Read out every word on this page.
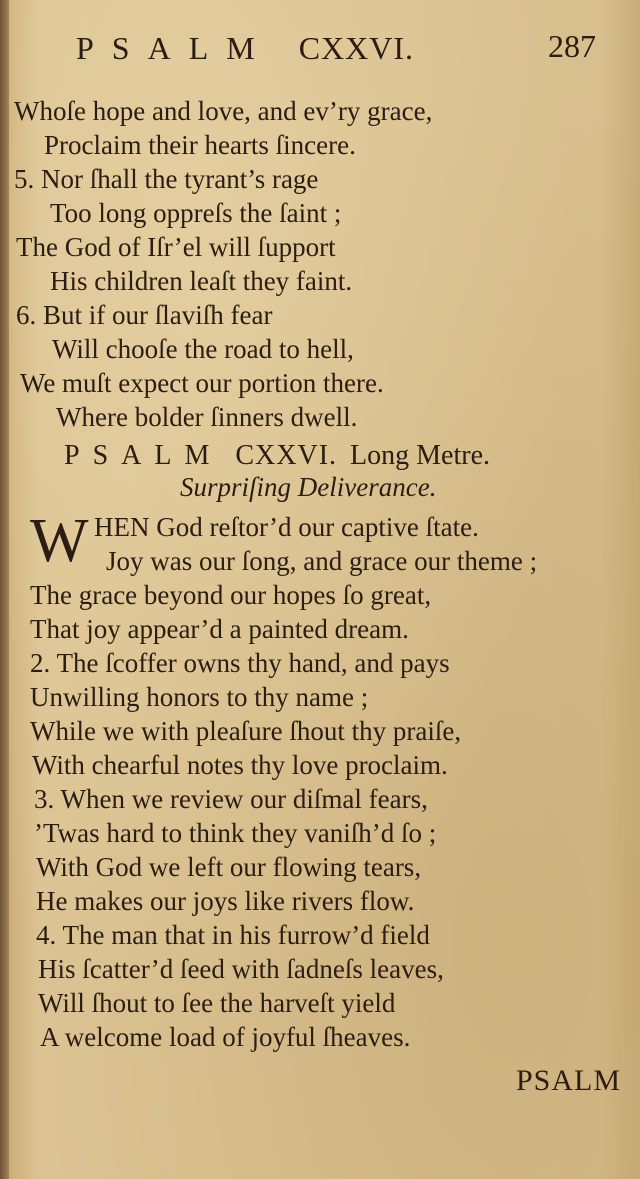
PSALM CXXVI.	287
Whoſe hope and love, and ev’ry grace,
Proclaim their hearts ſincere.
5. Nor ſhall the tyrant’s rage
Too long oppreſs the ſaint ;
The God of Iſr’el will ſupport
His children leaſt they faint.
6. But if our ſlaviſh fear
Will chooſe the road to hell,
We muſt expect our portion there.
Where bolder ſinners dwell.
PSALM CXXVI. Long Metre.
Surpriſing Deliverance.
W HEN God reſtor’d our captive ſtate.
Joy was our ſong, and grace our theme ;
The grace beyond our hopes ſo great,
That joy appear’d a painted dream.
2. The ſcoffer owns thy hand, and pays
Unwilling honors to thy name ;
While we with pleaſure ſhout thy praiſe,
With chearful notes thy love proclaim.
3. When we review our diſmal fears,
’Twas hard to think they vaniſh’d ſo ;
With God we left our flowing tears,
He makes our joys like rivers flow.
4. The man that in his furrow’d field
His ſcatter’d ſeed with ſadneſs leaves,
Will ſhout to ſee the harveſt yield
A welcome load of joyful ſheaves.
PSALM
